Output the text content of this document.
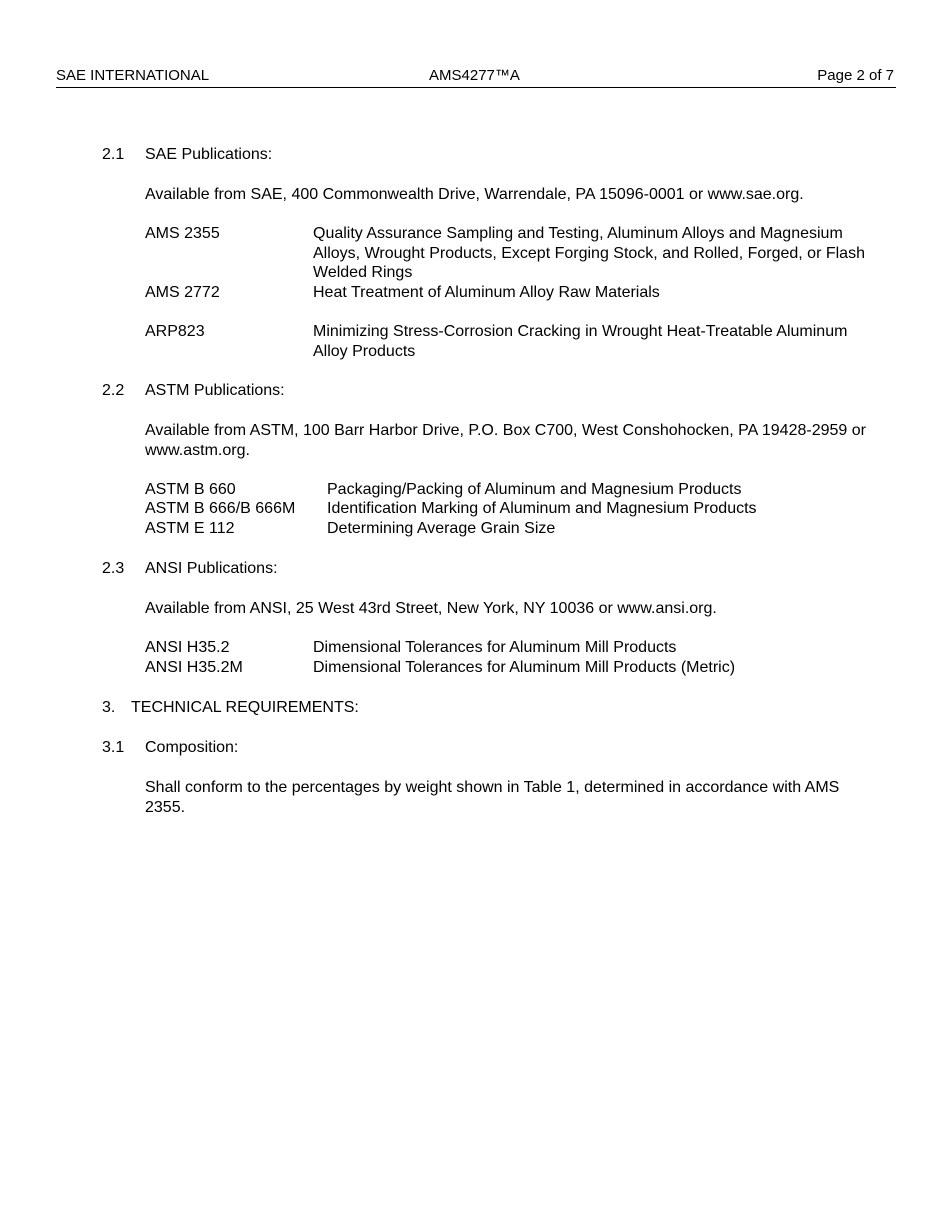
SAE INTERNATIONAL	AMS4277™A	Page 2 of 7
2.1 SAE Publications:
Available from SAE, 400 Commonwealth Drive, Warrendale, PA 15096-0001 or www.sae.org.
AMS 2355	Quality Assurance Sampling and Testing, Aluminum Alloys and Magnesium Alloys, Wrought Products, Except Forging Stock, and Rolled, Forged, or Flash Welded Rings
AMS 2772	Heat Treatment of Aluminum Alloy Raw Materials
ARP823	Minimizing Stress-Corrosion Cracking in Wrought Heat-Treatable Aluminum Alloy Products
2.2 ASTM Publications:
Available from ASTM, 100 Barr Harbor Drive, P.O. Box C700, West Conshohocken, PA 19428-2959 or www.astm.org.
ASTM B 660	Packaging/Packing of Aluminum and Magnesium Products
ASTM B 666/B 666M Identification Marking of Aluminum and Magnesium Products
ASTM E 112	Determining Average Grain Size
2.3 ANSI Publications:
Available from ANSI, 25 West 43rd Street, New York, NY 10036 or www.ansi.org.
ANSI H35.2	Dimensional Tolerances for Aluminum Mill Products
ANSI H35.2M	Dimensional Tolerances for Aluminum Mill Products (Metric)
3. TECHNICAL REQUIREMENTS:
3.1 Composition:
Shall conform to the percentages by weight shown in Table 1, determined in accordance with AMS 2355.
